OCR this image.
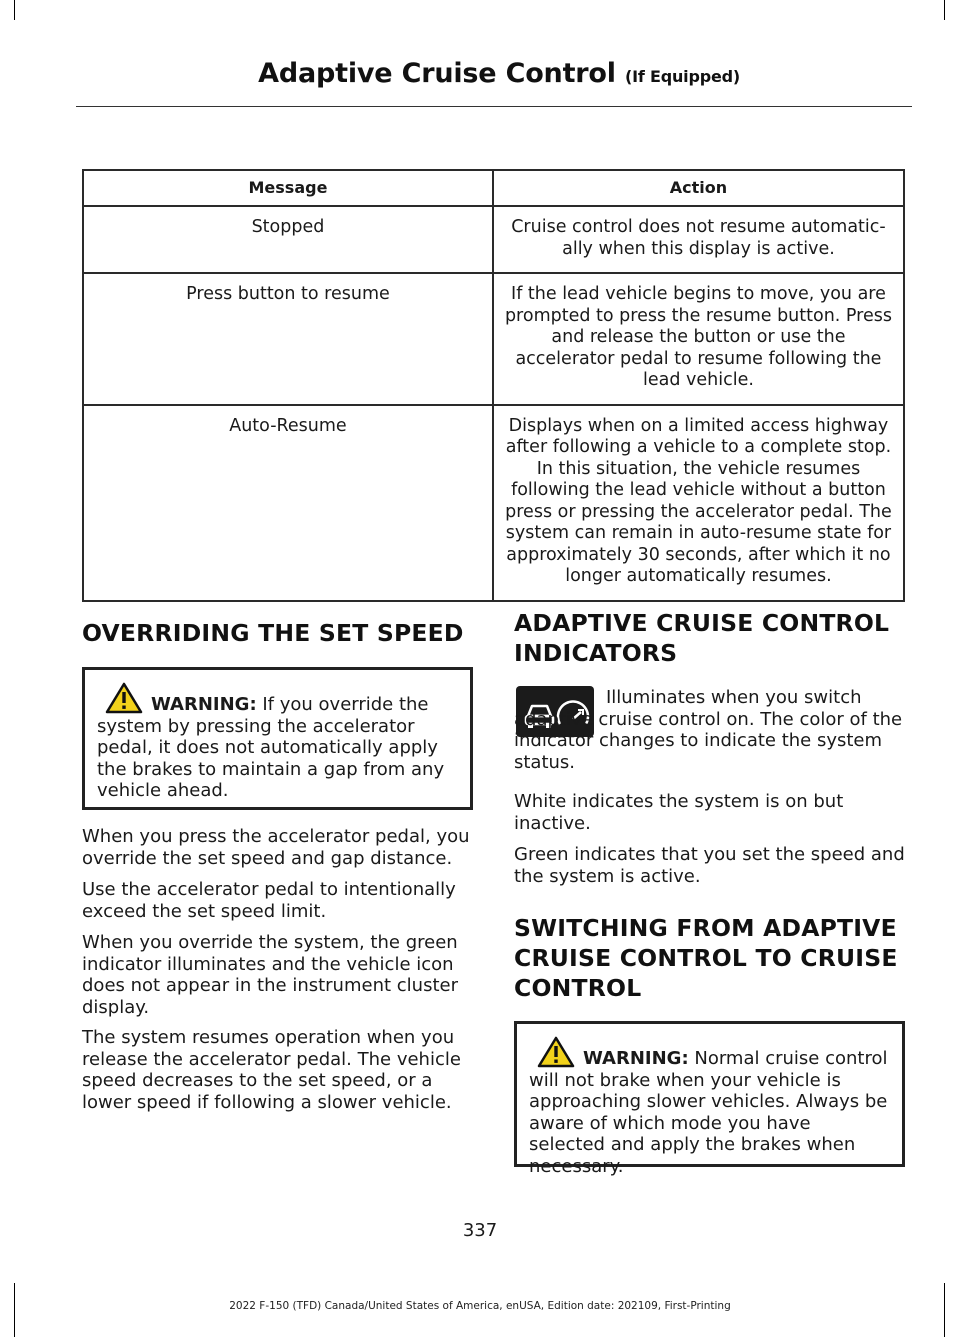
Adaptive Cruise Control (If Equipped)
Message	Action
Stopped	Cruise control does not resume automatic-ally when this display is active.
Press button to resume	If the lead vehicle begins to move, you are prompted to press the resume button. Press and release the button or use the accelerator pedal to resume following the lead vehicle.
Auto-Resume	Displays when on a limited access highway after following a vehicle to a complete stop. In this situation, the vehicle resumes following the lead vehicle without a button press or pressing the accelerator pedal. The system can remain in auto-resume state for approximately 30 seconds, after which it no longer automatically resumes.
OVERRIDING THE SET SPEED
WARNING: If you override the system by pressing the accelerator pedal, it does not automatically apply the brakes to maintain a gap from any vehicle ahead.
When you press the accelerator pedal, you override the set speed and gap distance.
Use the accelerator pedal to intentionally exceed the set speed limit.
When you override the system, the green indicator illuminates and the vehicle icon does not appear in the instrument cluster display.
The system resumes operation when you release the accelerator pedal. The vehicle speed decreases to the set speed, or a lower speed if following a slower vehicle.
ADAPTIVE CRUISE CONTROL INDICATORS
Illuminates when you switch adaptive cruise control on. The color of the indicator changes to indicate the system status.
White indicates the system is on but inactive.
Green indicates that you set the speed and the system is active.
SWITCHING FROM ADAPTIVE CRUISE CONTROL TO CRUISE CONTROL
WARNING: Normal cruise control will not brake when your vehicle is approaching slower vehicles. Always be aware of which mode you have selected and apply the brakes when necessary.
337
2022 F-150 (TFD) Canada/United States of America, enUSA, Edition date: 202109, First-Printing
